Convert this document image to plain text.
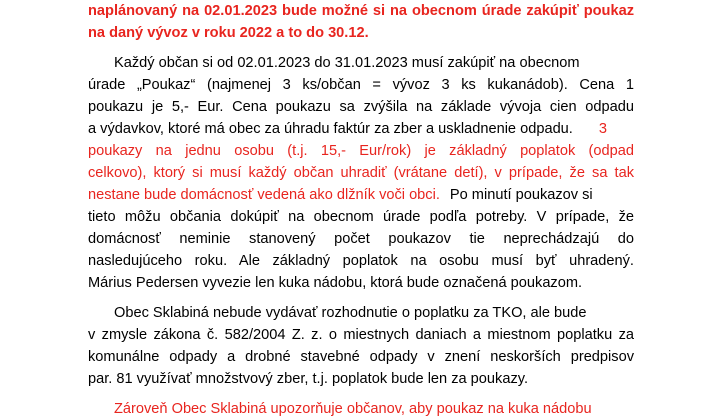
naplánovaný na 02.01.2023 bude možné si na obecnom úrade zakúpiť poukaz
na daný vývoz v roku 2022 a to do 30.12.
Každý občan si od 02.01.2023 do 31.01.2023 musí zakúpiť na obecnom
úrade „Poukaz“ (najmenej 3 ks/občan = vývoz 3 ks kukanádob). Cena 1
poukazu je 5,- Eur. Cena poukazu sa zvýšila na základe vývoja cien odpadu
a výdavkov, ktoré má obec za úhradu faktúr za zber a uskladnenie odpadu. 3
poukazy na jednu osobu (t.j. 15,- Eur/rok) je základný poplatok (odpad
celkovo), ktorý si musí každý občan uhradiť (vrátane detí), v prípade, že sa tak
nestane bude domácnosť vedená ako dlžník voči obci. Po minutí poukazov si
tieto môžu občania dokúpiť na obecnom úrade podľa potreby. V prípade, že
domácnosť neminie stanovený počet poukazov tie neprechádzajú do
nasledujúceho roku. Ale základný poplatok na osobu musí byť uhradený.
Márius Pedersen vyvezie len kuka nádobu, ktorá bude označená poukazom.
Obec Sklabiná nebude vydávať rozhodnutie o poplatku za TKO, ale bude
v zmysle zákona č. 582/2004 Z. z. o miestnych daniach a miestnom poplatku za
komunálne odpady a drobné stavebné odpady v znení neskorších predpisov
par. 81 využívať množstvový zber, t.j. poplatok bude len za poukazy.
Zároveň Obec Sklabiná upozorňuje občanov, aby poukaz na kuka nádobu
